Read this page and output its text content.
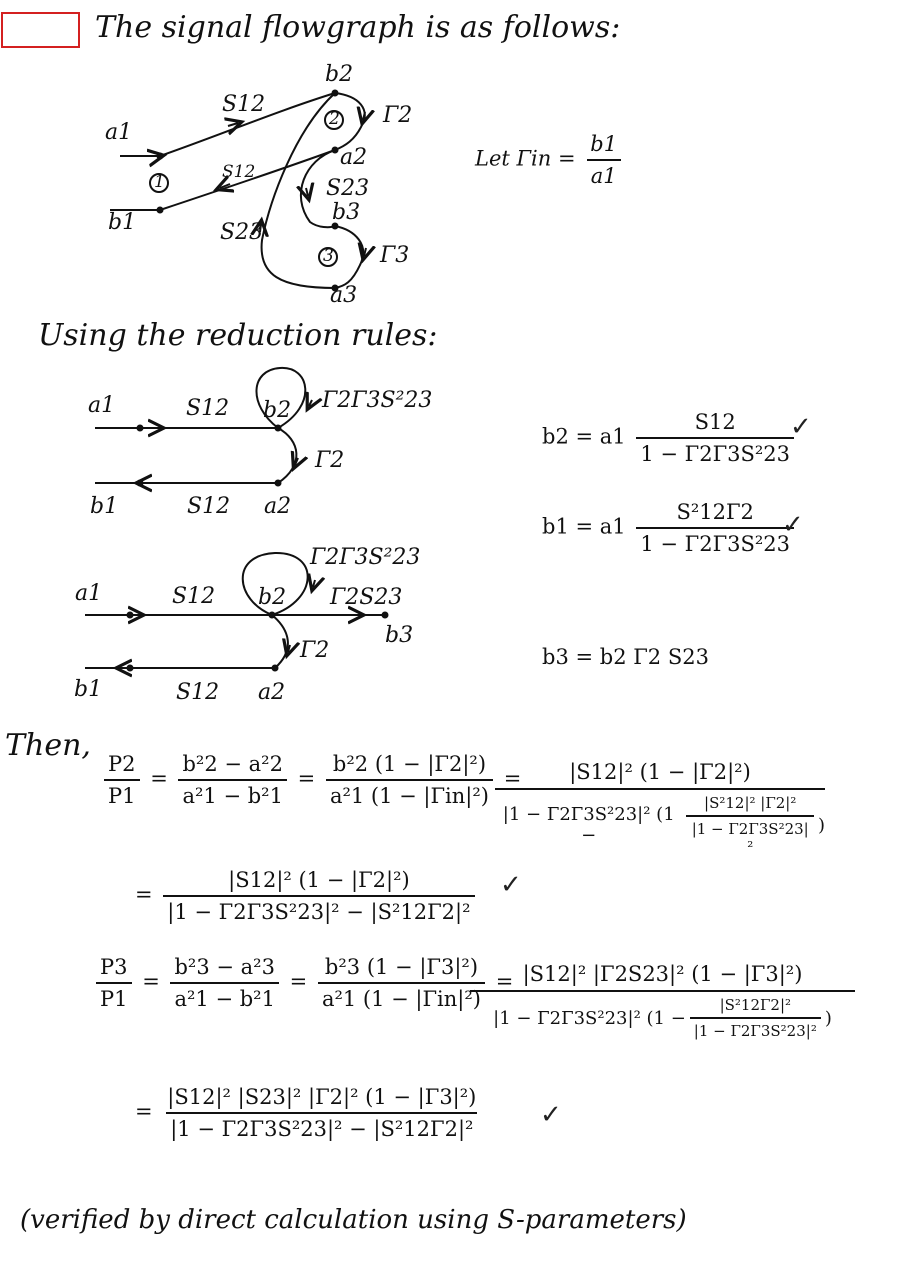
The signal flowgraph is as follows:
a1
b1
b2
a2
b3
a3
S12
S12
S23
S23
Γ2
Γ3
1
2
3
Let $\Gamma in = \frac{b1}{a1}$
Using the reduction rules:
a1	S12 b2 Γ2Γ3S²23
Γ2
b1	S12 a2
Γ2Γ3S²23
a1	S12 b2 Γ2S23
b3
Γ2
b1	S12 a2
$b2 = a1 \frac{S12}{\text{1 − Γ2Γ3S²23}}$
✓
$b1 = a1 \frac{\text{S²12Γ2}}{\text{1 − Γ2Γ3S²23}}$
✓
b3 = b2 Γ2 S23
Then,
$\frac{P2}{P1} = \frac{\text{b²2 − a²2}}{\text{a²1 − b²1}} = \frac{\text{b²2 (1 − |Γ2|²)}}{\text{a²1 (1 − |Γin|²)}}$ =
|S12|² (1 − |Γ2|²)
|1 − Γ2Γ3S²23|² (1 −	$\frac{\text{|S²12|² |Γ2|²}}{\text{|1 − Γ2Γ3S²23|²}}$ )
= $\frac{\text{|S12|² (1 − |Γ2|²)}}{\text{|1 − Γ2Γ3S²23|² − |S²12Γ2|²}}$ ✓
$\frac{P3}{P1} = \frac{\text{b²3 − a²3}}{\text{a²1 − b²1}} = \frac{\text{b²3 (1 − |Γ3|²)}}{\text{a²1 (1 − |Γin|²)}}$ =
$\frac{\text{|S12|² |Γ2S23|² (1 − |Γ3|²)}}{|1 - \Gamma 2\Gamma 3S^223|^2 (1 - \frac{\text{|S²12Γ2|²}}{\text{|1 − Γ2Γ3S²23|²}} )}$
= $\frac{\text{|S12|² |S23|² |Γ2|² (1 − |Γ3|²)}}{\text{|1 − Γ2Γ3S²23|² − |S²12Γ2|²}}$ ✓
(verified by direct calculation using S-parameters)
